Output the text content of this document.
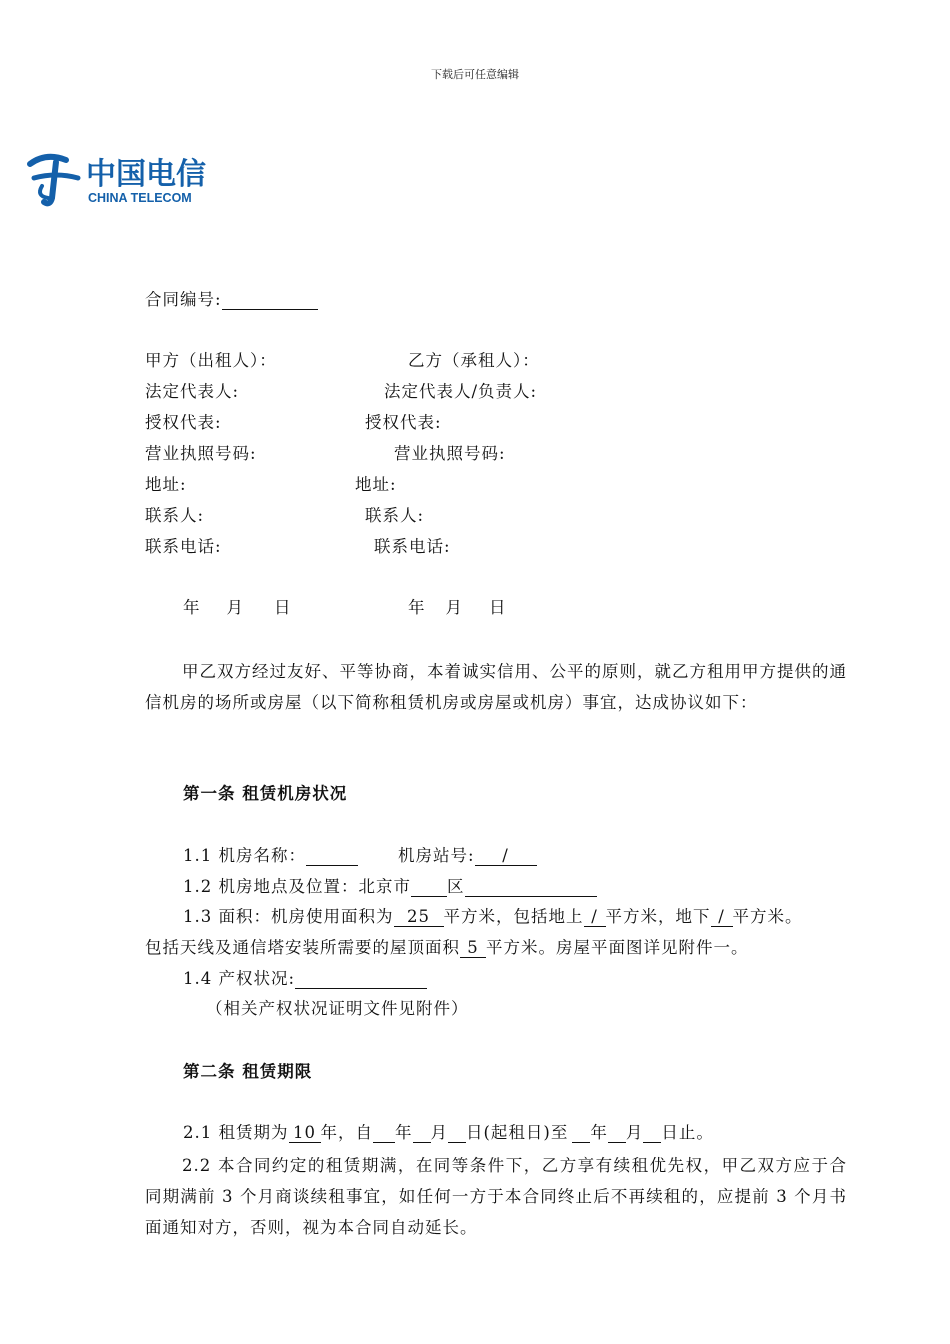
下载后可任意编辑
中国电信
CHINA TELECOM
合同编号:
甲方（出租人）：	乙方（承租人）：
法定代表人:	法定代表人/负责人:
授权代表:	授权代表:
营业执照号码:	营业执照号码:
地址:	地址:
联系人:	联系人:
联系电话:	联系电话:
年 月 日	年 月 日
甲乙双方经过友好、平等协商，本着诚实信用、公平的原则，就乙方租用甲方提供的通信机房的场所或房屋（以下简称租赁机房或房屋或机房）事宜，达成协议如下：
第一条 租赁机房状况
1.1 机房名称：	机房站号: /
1.2 机房地点及位置：北京市 区
1.3 面积：机房使用面积为 25 平方米，包括地上 / 平方米，地下 / 平方米。
包括天线及通信塔安装所需要的屋顶面积 5 平方米。房屋平面图详见附件一。
1.4 产权状况:
（相关产权状况证明文件见附件）
第二条 租赁期限
2.1 租赁期为 10 年，自 年 月 日(起租日)至 年 月 日止。
2.2 本合同约定的租赁期满，在同等条件下，乙方享有续租优先权，甲乙双方应于合同期满前 3 个月商谈续租事宜，如任何一方于本合同终止后不再续租的，应提前 3 个月书面通知对方，否则，视为本合同自动延长。
